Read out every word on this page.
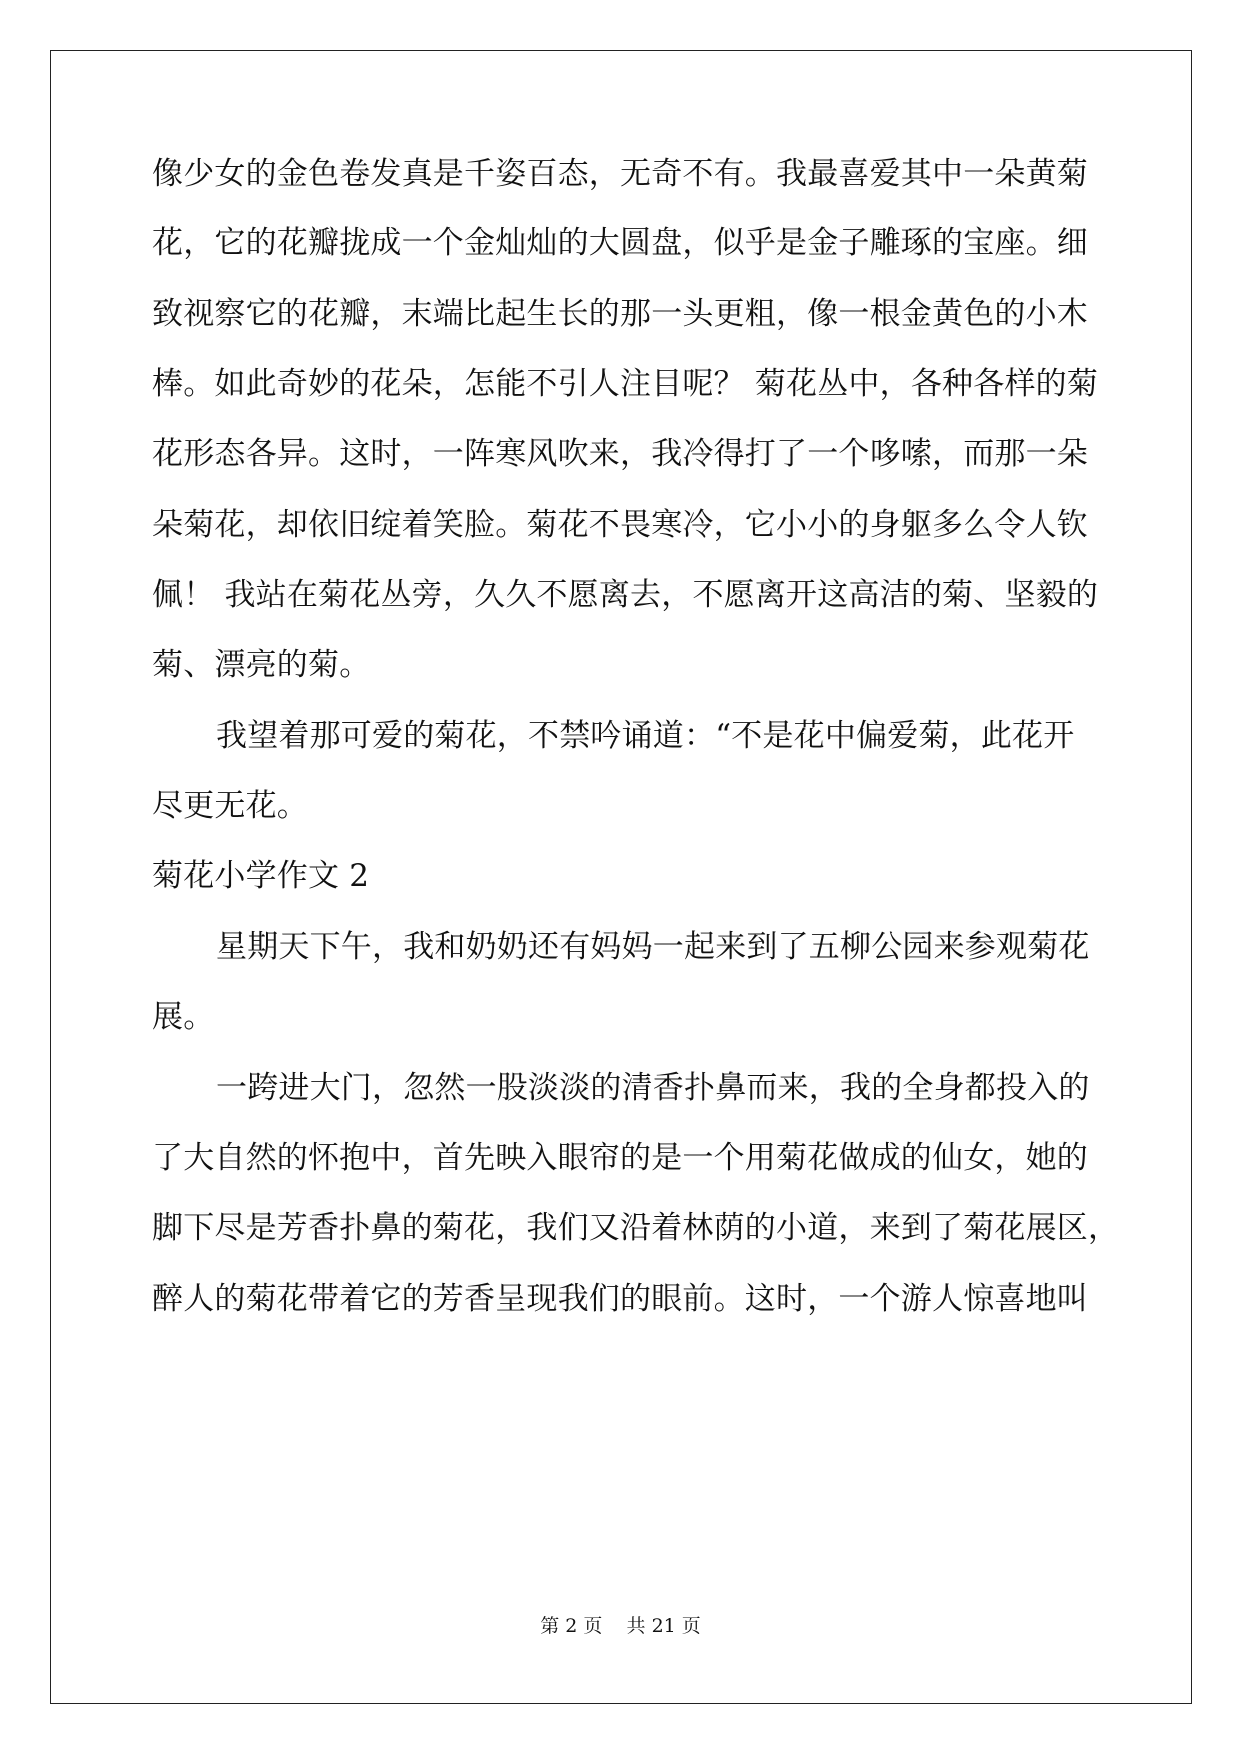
像少女的金色卷发真是千姿百态，无奇不有。我最喜爱其中一朵黄菊
花，它的花瓣拢成一个金灿灿的大圆盘，似乎是金子雕琢的宝座。细
致视察它的花瓣，末端比起生长的那一头更粗，像一根金黄色的小木
棒。如此奇妙的花朵，怎能不引人注目呢？ 菊花丛中，各种各样的菊
花形态各异。这时，一阵寒风吹来，我冷得打了一个哆嗦，而那一朵
朵菊花，却依旧绽着笑脸。菊花不畏寒冷，它小小的身躯多么令人钦
佩！ 我站在菊花丛旁，久久不愿离去，不愿离开这高洁的菊、坚毅的
菊、漂亮的菊。
我望着那可爱的菊花，不禁吟诵道：“不是花中偏爱菊，此花开
尽更无花。
菊花小学作文 2
星期天下午，我和奶奶还有妈妈一起来到了五柳公园来参观菊花
展。
一跨进大门，忽然一股淡淡的清香扑鼻而来，我的全身都投入的
了大自然的怀抱中，首先映入眼帘的是一个用菊花做成的仙女，她的
脚下尽是芳香扑鼻的菊花，我们又沿着林荫的小道，来到了菊花展区，
醉人的菊花带着它的芳香呈现我们的眼前。这时，一个游人惊喜地叫
第 2 页    共 21 页
